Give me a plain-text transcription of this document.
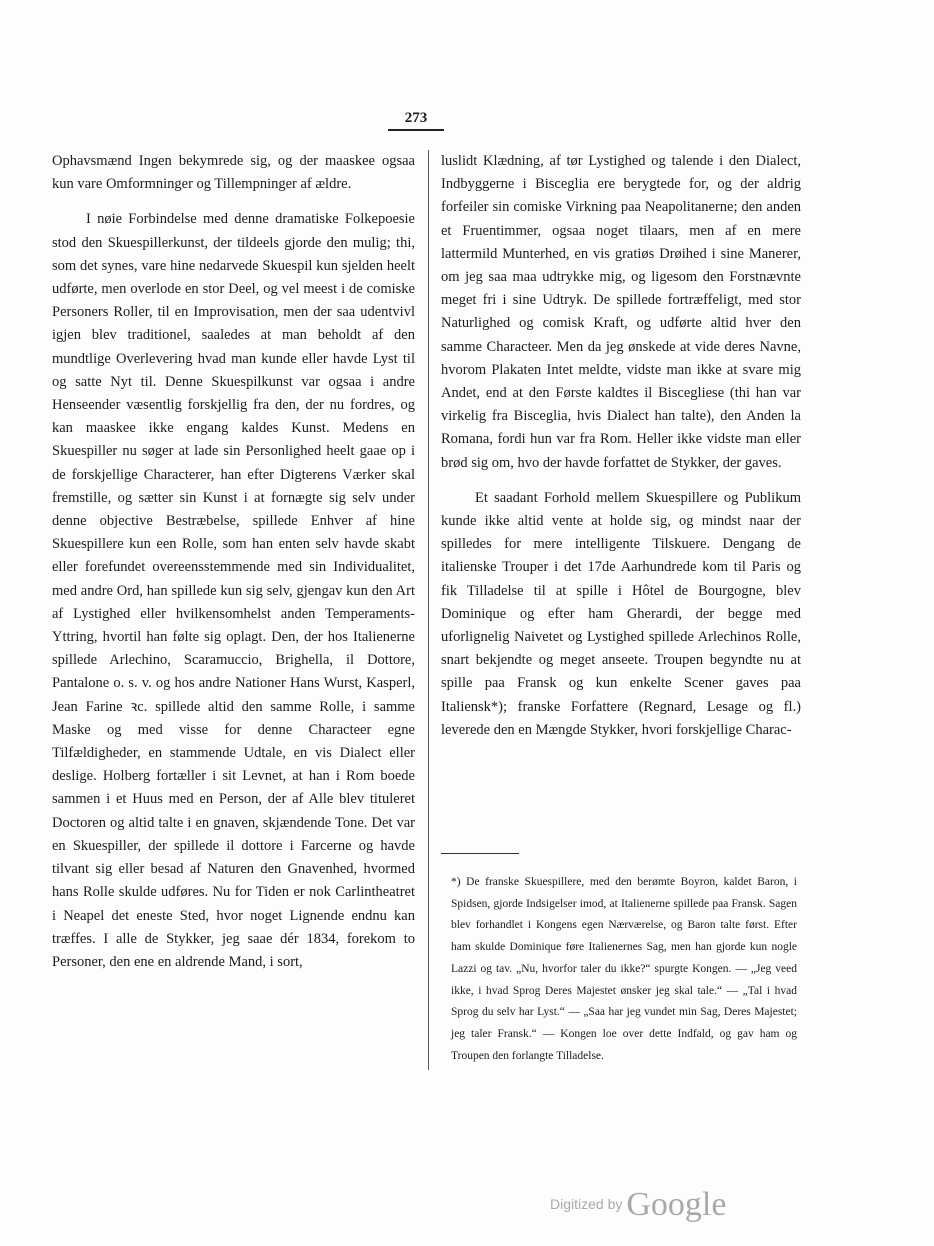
273

Ophavsmænd Ingen bekymrede sig, og der maaskee ogsaa kun vare Omformninger og Tillempninger af ældre.

I nøie Forbindelse med denne dramatiske Folkepoesie stod den Skuespillerkunst, der tildeels gjorde den mulig; thi, som det synes, vare hine nedarvede Skuespil kun sjelden heelt udførte, men overlode en stor Deel, og vel meest i de comiske Personers Roller, til en Improvisation, men der saa udentvivl igjen blev traditionel, saaledes at man beholdt af den mundtlige Overlevering hvad man kunde eller havde Lyst til og satte Nyt til. Denne Skuespilkunst var ogsaa i andre Henseender væsentlig forskjellig fra den, der nu fordres, og kan maaskee ikke engang kaldes Kunst. Medens en Skuespiller nu søger at lade sin Personlighed heelt gaae op i de forskjellige Characterer, han efter Digterens Værker skal fremstille, og sætter sin Kunst i at fornægte sig selv under denne objective Bestræbelse, spillede Enhver af hine Skuespillere kun een Rolle, som han enten selv havde skabt eller forefundet overeensstemmende med sin Individualitet, med andre Ord, han spillede kun sig selv, gjengav kun den Art af Lystighed eller hvilkensomhelst anden Temperaments-Yttring, hvortil han følte sig oplagt. Den, der hos Italienerne spillede Arlechino, Scaramuccio, Brighella, il Dottore, Pantalone o. s. v. og hos andre Nationer Hans Wurst, Kasperl, Jean Farine ꝛc. spillede altid den samme Rolle, i samme Maske og med visse for denne Characteer egne Tilfældigheder, en stammende Udtale, en vis Dialect eller deslige. Holberg fortæller i sit Levnet, at han i Rom boede sammen i et Huus med en Person, der af Alle blev tituleret Doctoren og altid talte i en gnaven, skjændende Tone. Det var en Skuespiller, der spillede il dottore i Farcerne og havde tilvant sig eller besad af Naturen den Gnavenhed, hvormed hans Rolle skulde udføres. Nu for Tiden er nok Carlintheatret i Neapel det eneste Sted, hvor noget Lignende endnu kan træffes. I alle de Stykker, jeg saae dér 1834, forekom to Personer, den ene en aldrende Mand, i sort,

luslidt Klædning, af tør Lystighed og talende i den Dialect, Indbyggerne i Bisceglia ere berygtede for, og der aldrig forfeiler sin comiske Virkning paa Neapolitanerne; den anden et Fruentimmer, ogsaa noget tilaars, men af en mere lattermild Munterhed, en vis gratiøs Drøihed i sine Manerer, om jeg saa maa udtrykke mig, og ligesom den Forstnævnte meget fri i sine Udtryk. De spillede fortræffeligt, med stor Naturlighed og comisk Kraft, og udførte altid hver den samme Characteer. Men da jeg ønskede at vide deres Navne, hvorom Plakaten Intet meldte, vidste man ikke at svare mig Andet, end at den Første kaldtes il Biscegliese (thi han var virkelig fra Bisceglia, hvis Dialect han talte), den Anden la Romana, fordi hun var fra Rom. Heller ikke vidste man eller brød sig om, hvo der havde forfattet de Stykker, der gaves.

Et saadant Forhold mellem Skuespillere og Publikum kunde ikke altid vente at holde sig, og mindst naar der spilledes for mere intelligente Tilskuere. Dengang de italienske Trouper i det 17de Aarhundrede kom til Paris og fik Tilladelse til at spille i Hôtel de Bourgogne, blev Dominique og efter ham Gherardi, der begge med uforlignelig Naivetet og Lystighed spillede Arlechinos Rolle, snart bekjendte og meget anseete. Troupen begyndte nu at spille paa Fransk og kun enkelte Scener gaves paa Italiensk*); franske Forfattere (Regnard, Lesage og fl.) leverede den en Mængde Stykker, hvori forskjellige Charac-

*) De franske Skuespillere, med den berømte Boyron, kaldet Baron, i Spidsen, gjorde Indsigelser imod, at Italienerne spillede paa Fransk. Sagen blev forhandlet i Kongens egen Nærværelse, og Baron talte først. Efter ham skulde Dominique føre Italienernes Sag, men han gjorde kun nogle Lazzi og tav. „Nu, hvorfor taler du ikke?“ spurgte Kongen. — „Jeg veed ikke, i hvad Sprog Deres Majestet ønsker jeg skal tale.“ — „Tal i hvad Sprog du selv har Lyst.“ — „Saa har jeg vundet min Sag, Deres Majestet; jeg taler Fransk.“ — Kongen loe over dette Indfald, og gav ham og Troupen den forlangte Tilladelse.

Digitized by Google
